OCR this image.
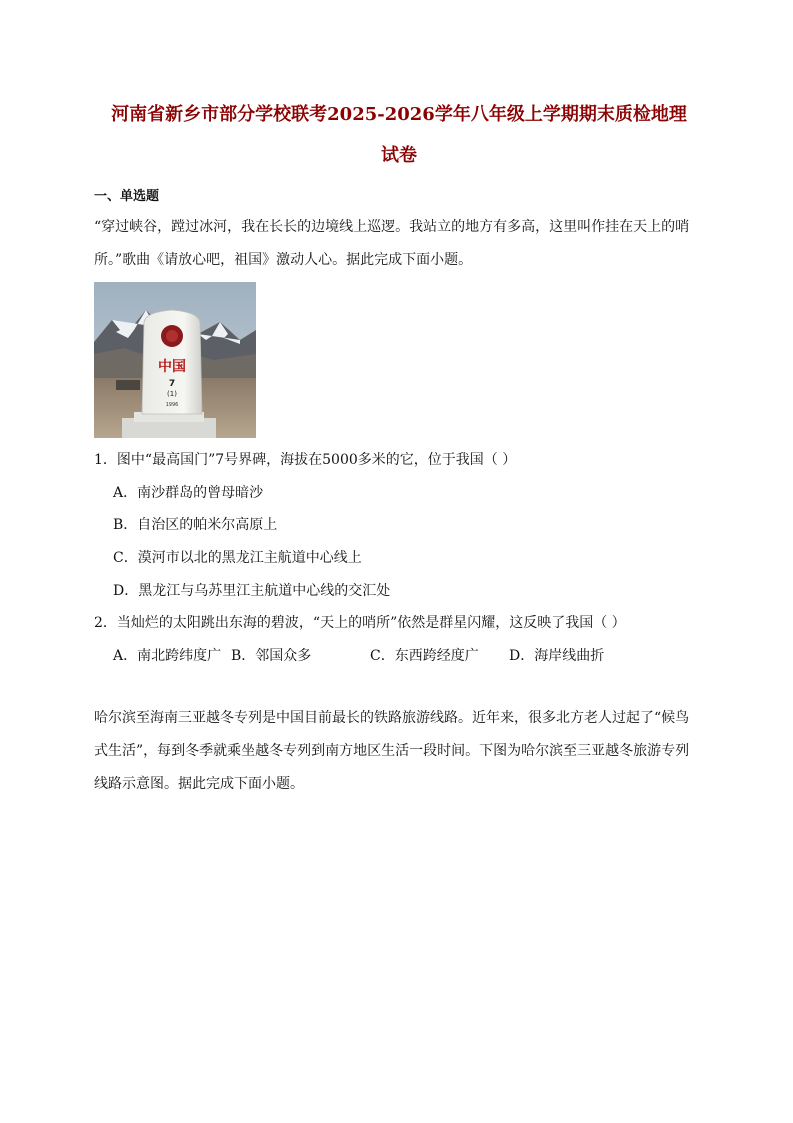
河南省新乡市部分学校联考2025-2026学年八年级上学期期末质检地理
试卷
一、单选题
“穿过峡谷，蹚过冰河，我在长长的边境线上巡逻。我站立的地方有多高，这里叫作挂在天上的哨
所。”歌曲《请放心吧，祖国》激动人心。据此完成下面小题。
中国
7
(1)
1996
1．图中“最高国门”7号界碑，海拔在5000多米的它，位于我国（ ）
A．南沙群岛的曾母暗沙
B．自治区的帕米尔高原上
C．漠河市以北的黑龙江主航道中心线上
D．黑龙江与乌苏里江主航道中心线的交汇处
2．当灿烂的太阳跳出东海的碧波，“天上的哨所”依然是群星闪耀，这反映了我国（ ）
A．南北跨纬度广 B．邻国众多	C．东西跨经度广 D．海岸线曲折
哈尔滨至海南三亚越冬专列是中国目前最长的铁路旅游线路。近年来，很多北方老人过起了“候鸟
式生活”，每到冬季就乘坐越冬专列到南方地区生活一段时间。下图为哈尔滨至三亚越冬旅游专列
线路示意图。据此完成下面小题。
